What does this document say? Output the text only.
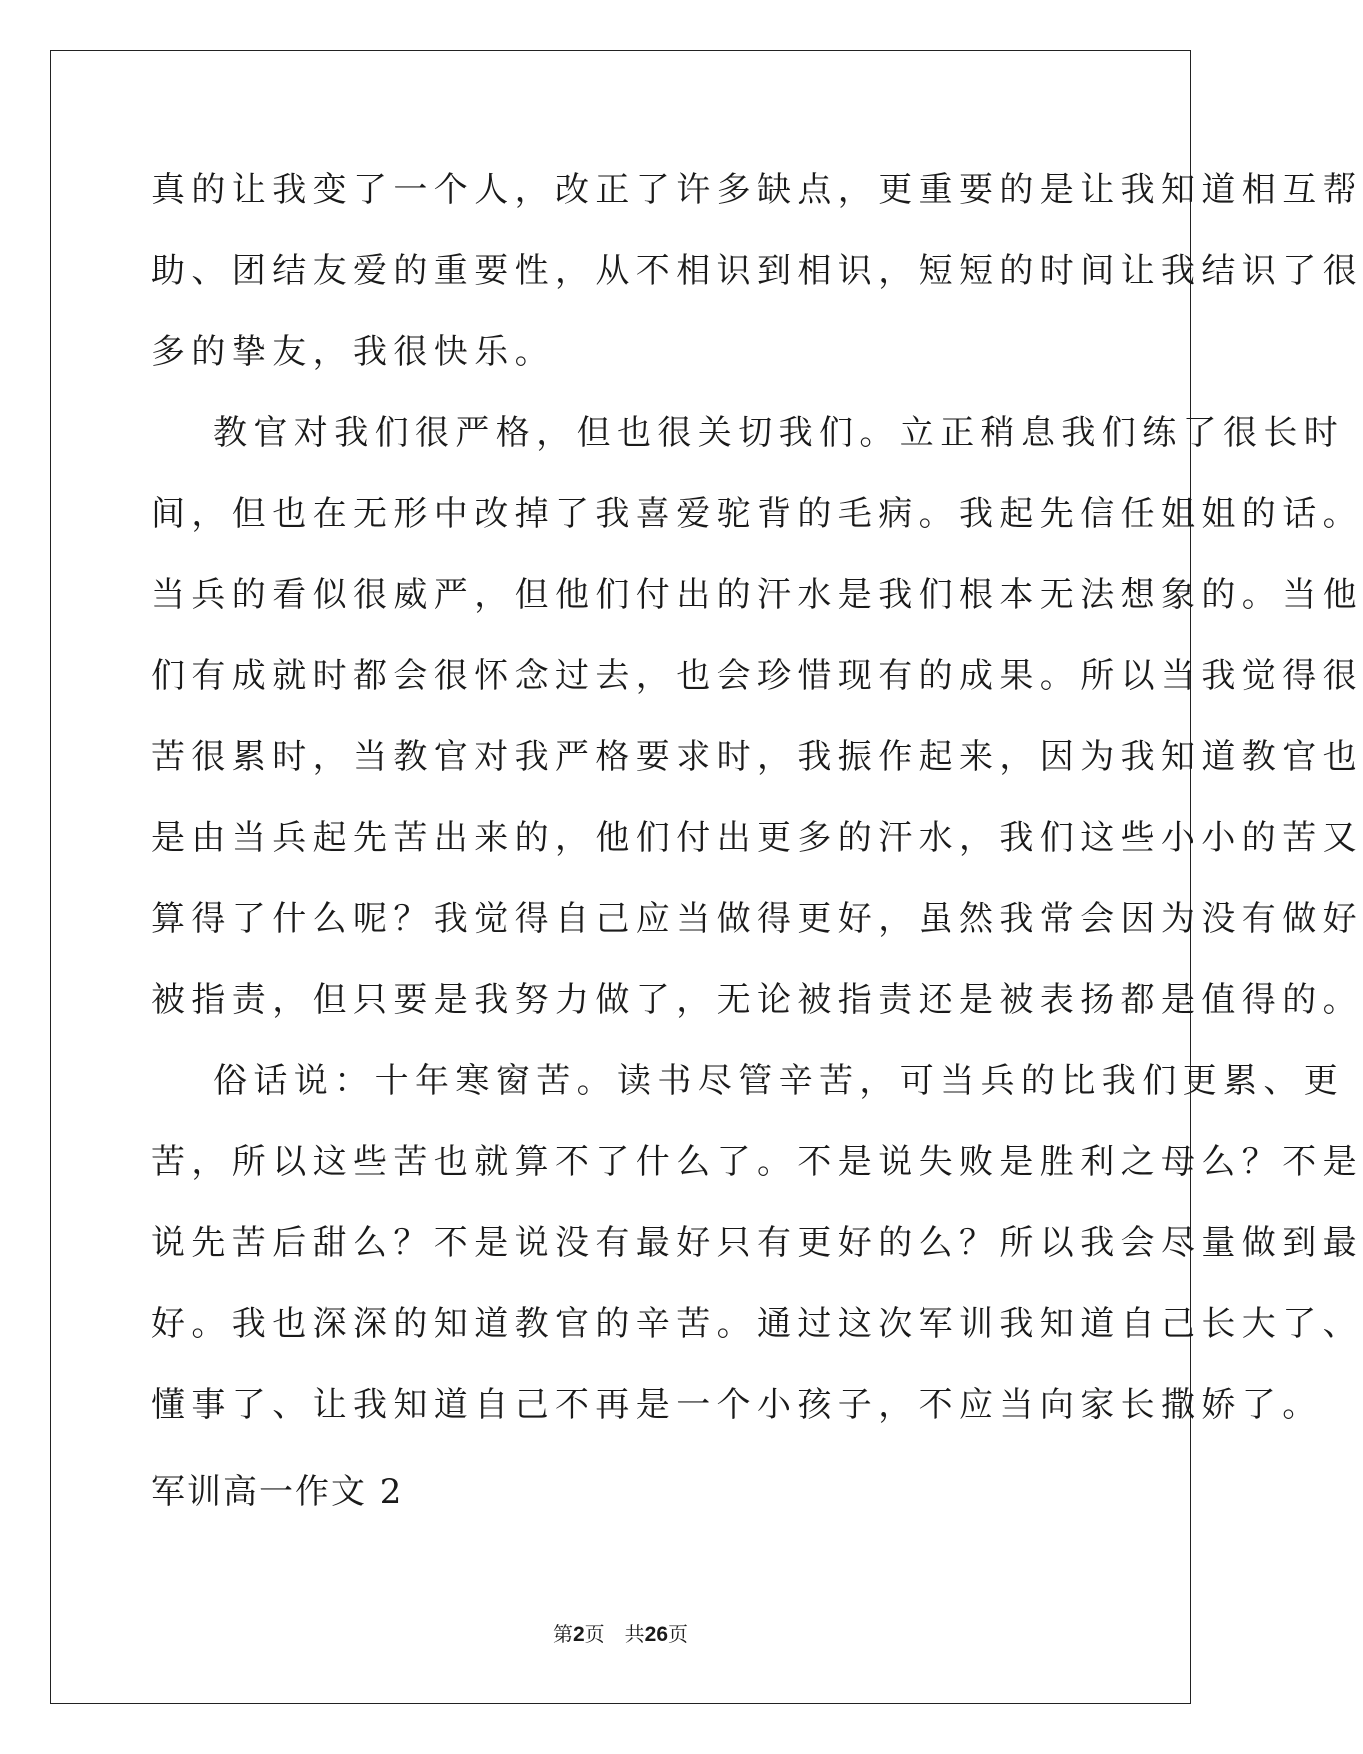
真的让我变了一个人，改正了许多缺点，更重要的是让我知道相互帮
助、团结友爱的重要性，从不相识到相识，短短的时间让我结识了很
多的挚友，我很快乐。
教官对我们很严格，但也很关切我们。立正稍息我们练了很长时
间，但也在无形中改掉了我喜爱驼背的毛病。我起先信任姐姐的话。
当兵的看似很威严，但他们付出的汗水是我们根本无法想象的。当他
们有成就时都会很怀念过去，也会珍惜现有的成果。所以当我觉得很
苦很累时，当教官对我严格要求时，我振作起来，因为我知道教官也
是由当兵起先苦出来的，他们付出更多的汗水，我们这些小小的苦又
算得了什么呢？我觉得自己应当做得更好，虽然我常会因为没有做好
被指责，但只要是我努力做了，无论被指责还是被表扬都是值得的。
俗话说：十年寒窗苦。读书尽管辛苦，可当兵的比我们更累、更
苦，所以这些苦也就算不了什么了。不是说失败是胜利之母么？不是
说先苦后甜么？不是说没有最好只有更好的么？所以我会尽量做到最
好。我也深深的知道教官的辛苦。通过这次军训我知道自己长大了、
懂事了、让我知道自己不再是一个小孩子，不应当向家长撒娇了。
军训高一作文 2
第2页 共26页
